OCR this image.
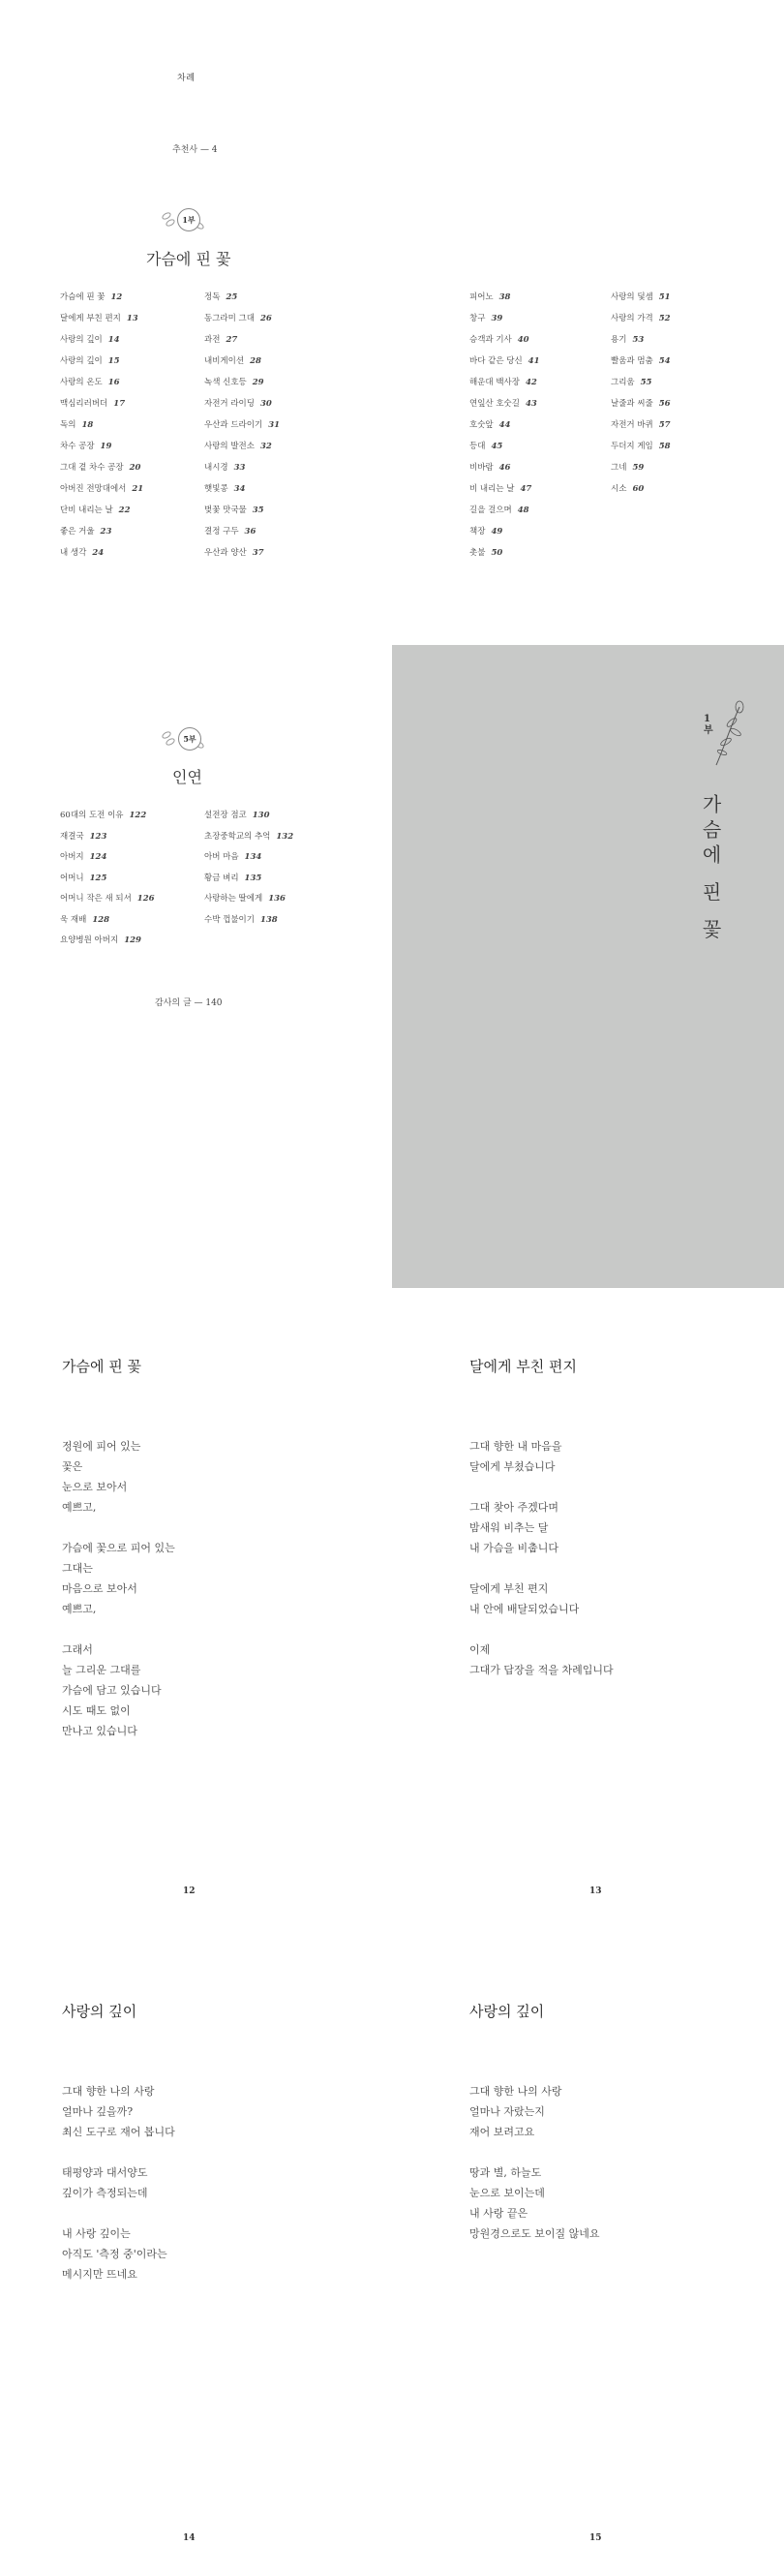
차례
추천사 — 4
1부
가슴에 핀 꽃
가슴에 핀 꽃 12
달에게 부친 편지 13
사랑의 깊이 14
사랑의 깊이 15
사랑의 온도 16
맥심리러버더 17
독의 18
차수 공장 19
그대 곁 차수 공장 20
아버진 전망대에서 21
단비 내리는 날 22
좋은 거울 23
내 생각 24
정독 25
동그라미 그대 26
과전 27
내비게이션 28
녹색 신호등 29
자전거 라이딩 30
우산과 드라이기 31
사랑의 발전소 32
내시경 33
햇빛콩 34
벚꽃 맛국물 35
결정 구두 36
우산과 양산 37
피어노 38
창구 39
승객과 기사 40
바다 같은 당신 41
해운대 백사장 42
연잎산 호숫길 43
호숫앞 44
등대 45
비바람 46
비 내리는 날 47
길을 걸으며 48
책장 49
촛불 50
사랑의 덫셈 51
사랑의 가격 52
용기 53
빨움과 멈춤 54
그리움 55
날줄과 씨줄 56
자전거 바퀴 57
두더지 게임 58
그네 59
시소 60
5부
인연
60대의 도전 이유 122
재결국 123
아버지 124
어머니 125
어머니 작은 새 되셔 126
욱 재배 128
요양병원 아버지 129
설전장 점코 130
초장중학교의 추억 132
아버 마음 134
황금 벼리 135
사랑하는 딸에게 136
수박 껍불이기 138
감사의 글 — 140
1부
가슴에 핀 꽃
가슴에 핀 꽃
정원에 피어 있는
꽃은
눈으로 보아서
예쁘고,
가슴에 꽃으로 피어 있는
그대는
마음으로 보아서
예쁘고,
그래서
늘 그리운 그대를
가슴에 담고 있습니다
시도 때도 없이
만나고 있습니다
12
달에게 부친 편지
그대 향한 내 마음을
달에게 부쳤습니다
그대 찾아 주겠다며
밤새워 비추는 달
내 가슴을 비춥니다
달에게 부친 편지
내 안에 배달되었습니다
이제
그대가 답장을 적을 차례입니다
13
사랑의 깊이
그대 향한 나의 사랑
얼마나 깊을까?
최신 도구로 재어 봅니다
태평양과 대서양도
깊이가 측정되는데
내 사랑 깊이는
아직도 '측정 중'이라는
메시지만 뜨네요
14
사랑의 깊이
그대 향한 나의 사랑
얼마나 자랐는지
재어 보려고요
땅과 별, 하늘도
눈으로 보이는데
내 사랑 끝은
망원경으로도 보이질 않네요
15
